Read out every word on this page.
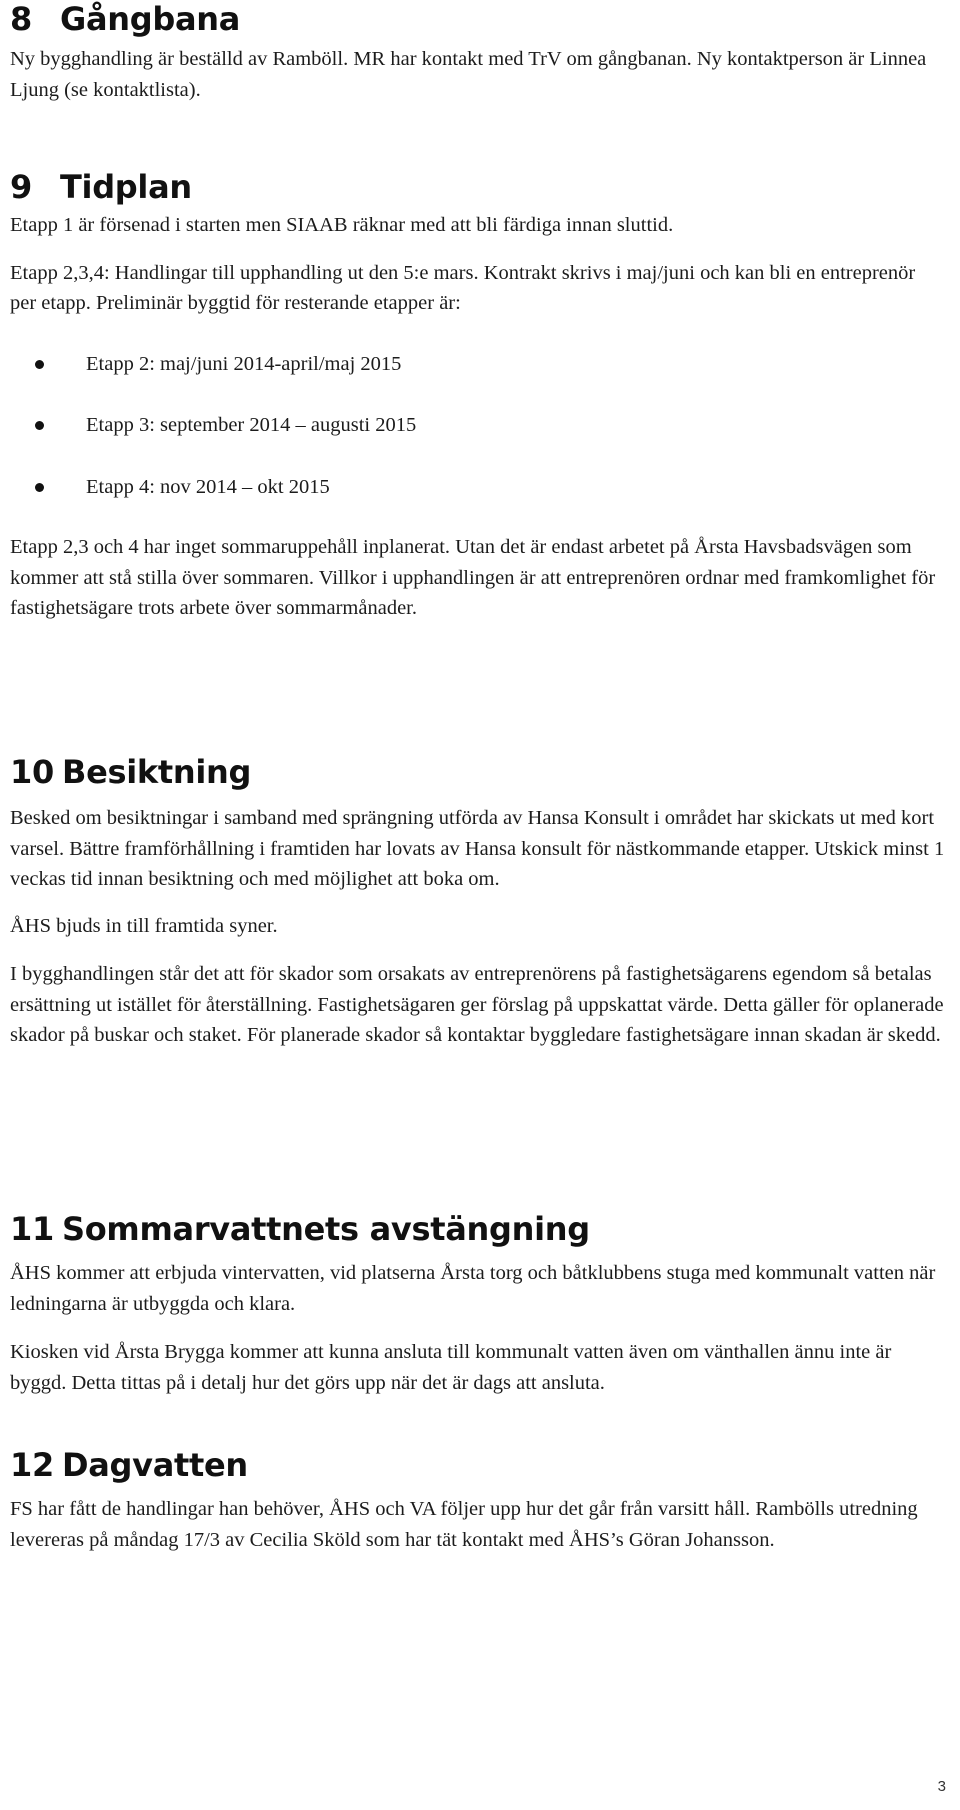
8 Gångbana

Ny bygghandling är beställd av Ramböll. MR har kontakt med TrV om gångbanan. Ny kontaktperson är Linnea Ljung (se kontaktlista).

9 Tidplan

Etapp 1 är försenad i starten men SIAAB räknar med att bli färdiga innan sluttid.

Etapp 2,3,4: Handlingar till upphandling ut den 5:e mars. Kontrakt skrivs i maj/juni och kan bli en entreprenör per etapp. Preliminär byggtid för resterande etapper är:

Etapp 2: maj/juni 2014-april/maj 2015
Etapp 3: september 2014 – augusti 2015
Etapp 4: nov 2014 – okt 2015

Etapp 2,3 och 4 har inget sommaruppehåll inplanerat. Utan det är endast arbetet på Årsta Havsbadsvägen som kommer att stå stilla över sommaren. Villkor i upphandlingen är att entreprenören ordnar med framkomlighet för fastighetsägare trots arbete över sommarmånader.

10 Besiktning

Besked om besiktningar i samband med sprängning utförda av Hansa Konsult i området har skickats ut med kort varsel. Bättre framförhållning i framtiden har lovats av Hansa konsult för nästkommande etapper. Utskick minst 1 veckas tid innan besiktning och med möjlighet att boka om.

ÅHS bjuds in till framtida syner.

I bygghandlingen står det att för skador som orsakats av entreprenörens på fastighetsägarens egendom så betalas ersättning ut istället för återställning. Fastighetsägaren ger förslag på uppskattat värde. Detta gäller för oplanerade skador på buskar och staket. För planerade skador så kontaktar byggledare fastighetsägare innan skadan är skedd.

11 Sommarvattnets avstängning

ÅHS kommer att erbjuda vintervatten, vid platserna Årsta torg och båtklubbens stuga med kommunalt vatten när ledningarna är utbyggda och klara.

Kiosken vid Årsta Brygga kommer att kunna ansluta till kommunalt vatten även om vänthallen ännu inte är byggd. Detta tittas på i detalj hur det görs upp när det är dags att ansluta.

12 Dagvatten

FS har fått de handlingar han behöver, ÅHS och VA följer upp hur det går från varsitt håll. Rambölls utredning levereras på måndag 17/3 av Cecilia Sköld som har tät kontakt med ÅHS’s Göran Johansson.

3
